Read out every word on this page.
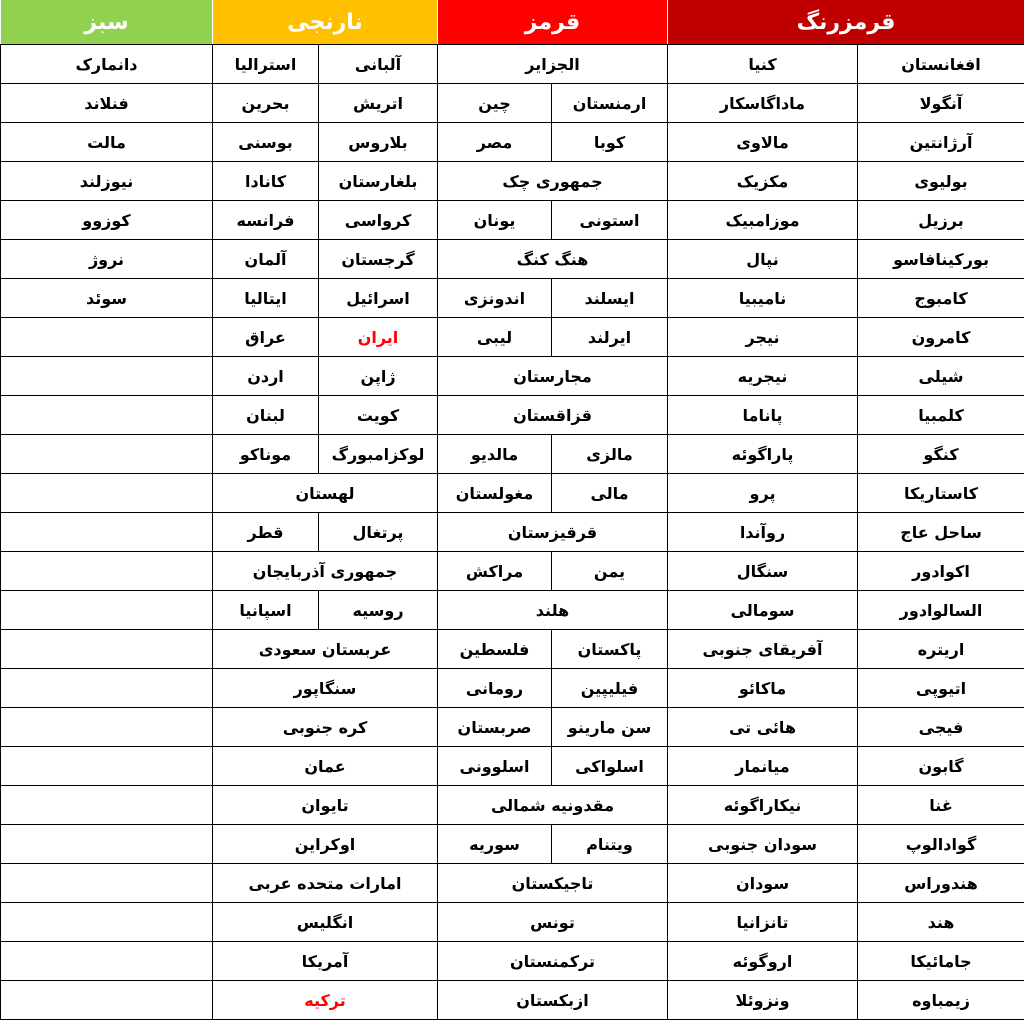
قرمزرنگ		قرمز		نارنجی		سبز
افغانستان	کنیا	الجزایر		آلبانی	استرالیا	دانمارک
آنگولا	ماداگاسکار	ارمنستان	چین	اتریش	بحرین	فنلاند
آرژانتین	مالاوی	کوبا	مصر	بلاروس	بوسنی	مالت
بولیوی	مکزیک	جمهوری چک		بلغارستان	کانادا	نیوزلند
برزیل	موزامبیک	استونی	یونان	کرواسی	فرانسه	کوزوو
بورکینافاسو	نپال	هنگ کنگ		گرجستان	آلمان	نروژ
کامبوج	نامیبیا	ایسلند	اندونزی	اسرائیل	ایتالیا	سوئد
کامرون	نیجر	ایرلند	لیبی	ایران	عراق	
شیلی	نیجریه	مجارستان		ژاپن	اردن	
کلمبیا	پاناما	قزاقستان		کویت	لبنان	
کنگو	پاراگوئه	مالزی	مالدیو	لوکزامبورگ	موناکو	
کاستاریکا	پرو	مالی	مغولستان	لهستان		
ساحل عاج	روآندا	قرقیزستان		پرتغال	قطر	
اکوادور	سنگال	یمن	مراکش	جمهوری آذربایجان		
السالوادور	سومالی	هلند		روسیه	اسپانیا	
اریتره	آفریقای جنوبی	پاکستان	فلسطین	عربستان سعودی		
اتیوپی	ماکائو	فیلیپین	رومانی	سنگاپور		
فیجی	هائی تی	سن مارینو	صربستان	کره جنوبی		
گابون	میانمار	اسلواکی	اسلوونی	عمان		
غنا	نیکاراگوئه	مقدونیه شمالی		تایوان		
گوادالوپ	سودان جنوبی	ویتنام	سوریه	اوکراین		
هندوراس	سودان	تاجیکستان		امارات متحده عربی		
هند	تانزانیا	تونس		انگلیس		
جامائیکا	اروگوئه	ترکمنستان		آمریکا		
زیمباوه	ونزوئلا	ازبکستان		ترکیه		
